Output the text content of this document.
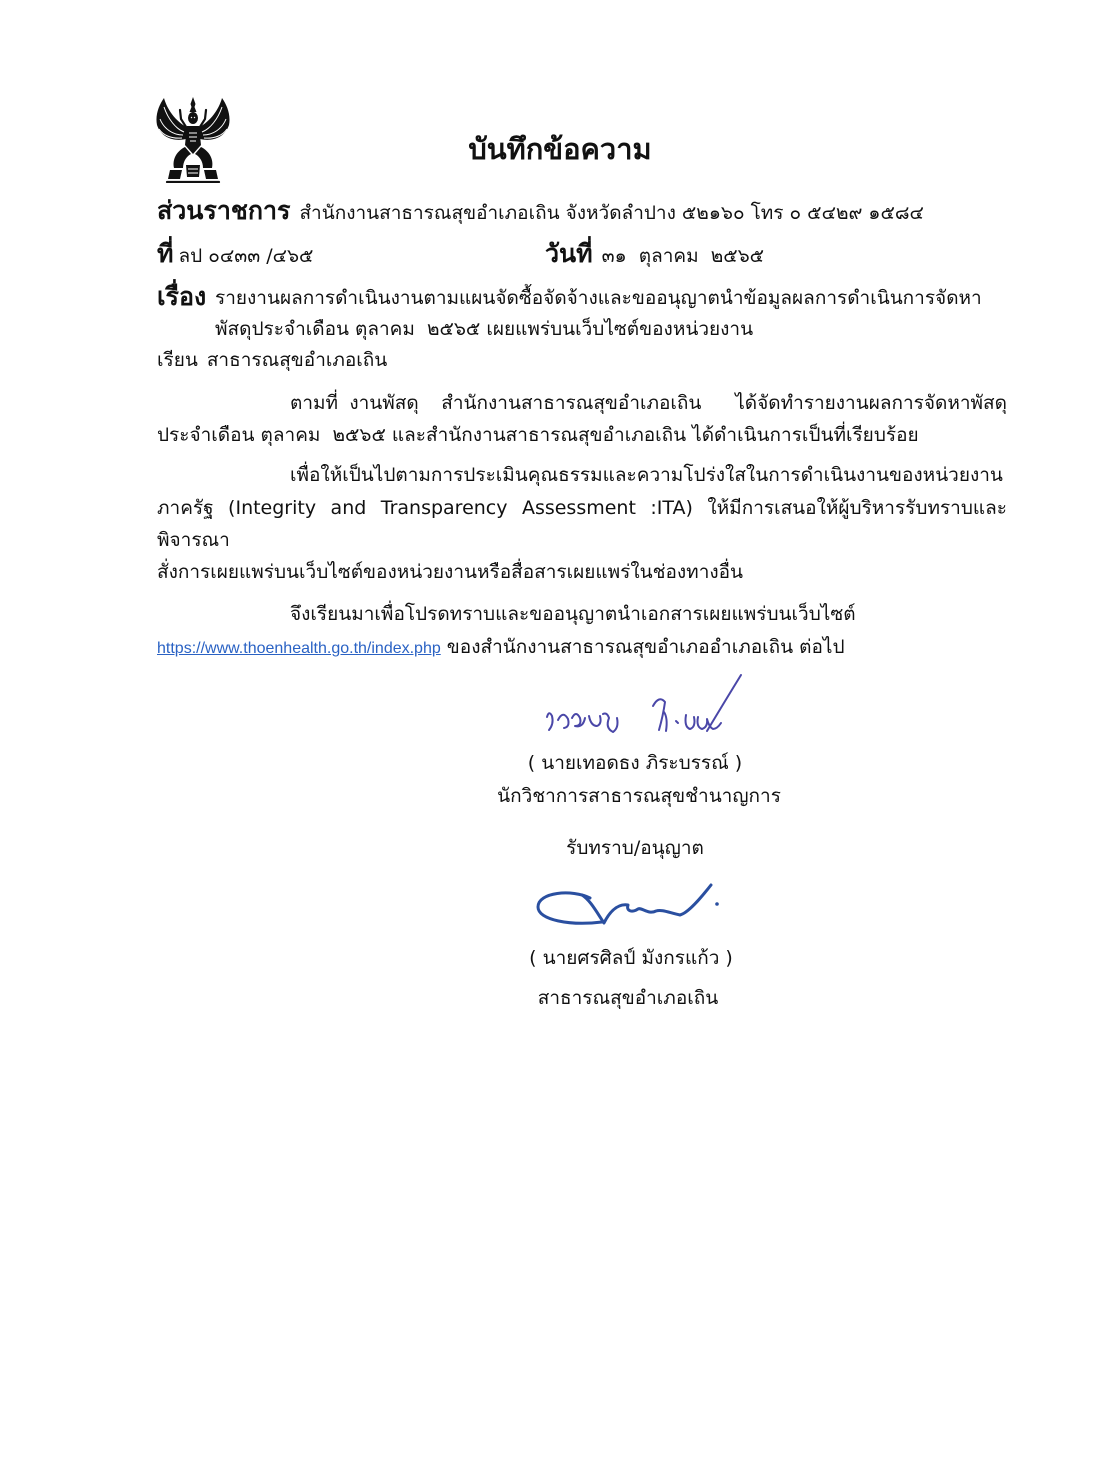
บันทึกข้อความ
ส่วนราชการ สำนักงานสาธารณสุขอำเภอเถิน จังหวัดลำปาง ๕๒๑๖๐ โทร ๐ ๕๔๒๙ ๑๕๘๔
ที่ ลป ๐๔๓๓ /๔๖๕	วันที่ ๓๑  ตุลาคม  ๒๕๖๕
เรื่อง รายงานผลการดำเนินงานตามแผนจัดซื้อจัดจ้างและขออนุญาตนำข้อมูลผลการดำเนินการจัดหา
พัสดุประจำเดือน ตุลาคม  ๒๕๖๕ เผยแพร่บนเว็บไซต์ของหน่วยงาน
เรียน สาธารณสุขอำเภอเถิน
ตามที่ งานพัสดุ  สำนักงานสาธารณสุขอำเภอเถิน   ได้จัดทำรายงานผลการจัดหาพัสดุ
ประจำเดือน ตุลาคม  ๒๕๖๕ และสำนักงานสาธารณสุขอำเภอเถิน ได้ดำเนินการเป็นที่เรียบร้อย
เพื่อให้เป็นไปตามการประเมินคุณธรรมและความโปร่งใสในการดำเนินงานของหน่วยงาน
ภาครัฐ (Integrity and Transparency Assessment :ITA) ให้มีการเสนอให้ผู้บริหารรับทราบและพิจารณา
สั่งการเผยแพร่บนเว็บไซต์ของหน่วยงานหรือสื่อสารเผยแพร่ในช่องทางอื่น
จึงเรียนมาเพื่อโปรดทราบและขออนุญาตนำเอกสารเผยแพร่บนเว็บไซต์
https://www.thoenhealth.go.th/index.php ของสำนักงานสาธารณสุขอำเภออำเภอเถิน ต่อไป
( นายเทอดธง ภิระบรรณ์ )
นักวิชาการสาธารณสุขชำนาญการ
รับทราบ/อนุญาต
( นายศรศิลป์ มังกรแก้ว )
สาธารณสุขอำเภอเถิน
